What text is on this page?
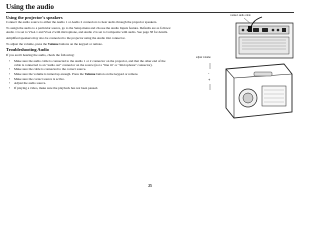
Using the audio
Using the projector's speakers

Connect the audio source to either the Audio 1 or Audio 2 connectors to hear audio through the projector speakers.

To assign the audio to a particular source, go to the Setup menu and choose the Audio Inputs feature. Defaults are as follows: Audio 1 is set to VGA 1 and VGA 2 with microphone, and Audio 2 is set to Composite with audio. See page 38 for details.

Amplified speakers may also be connected to the projector using the Audio Out connector.

To adjust the volume, press the Volume buttons on the keypad or remote.

Troubleshooting Audio

If you aren't hearing the audio, check the following:

• Make sure the audio cable is connected to the Audio 1 or 2 connector on the projector, and that the other end of the cable is connected to an "audio out" connector on the source (not a "line in" or "microphone" connector).
• Make sure the cable is connected to the correct source.
• Make sure the volume is turned up enough. Press the Volume button on the keypad or remote.
• Make sure the correct source is active.
• Adjust the audio source.
• If playing a video, make sure the playback has not been paused.
connect audio cable
adjust volume
-
+
25
